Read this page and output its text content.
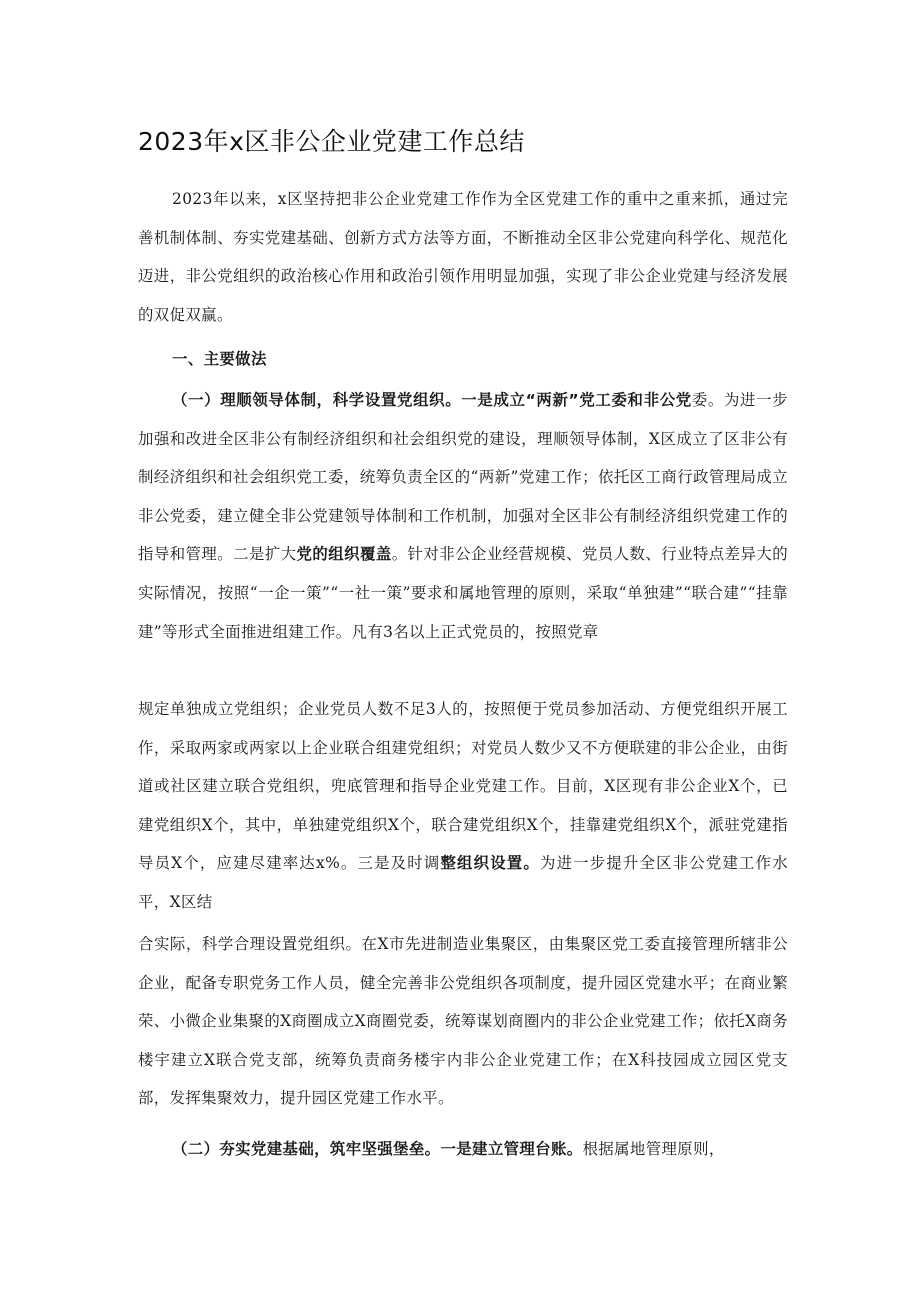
2023年x区非公企业党建工作总结

2023年以来，x区坚持把非公企业党建工作作为全区党建工作的重中之重来抓，通过完善机制体制、夯实党建基础、创新方式方法等方面，不断推动全区非公党建向科学化、规范化迈进，非公党组织的政治核心作用和政治引领作用明显加强，实现了非公企业党建与经济发展的双促双赢。

一、主要做法

（一）理顺领导体制，科学设置党组织。一是成立“两新”党工委和非公党委。为进一步加强和改进全区非公有制经济组织和社会组织党的建设，理顺领导体制，X区成立了区非公有制经济组织和社会组织党工委，统筹负责全区的“两新”党建工作；依托区工商行政管理局成立非公党委，建立健全非公党建领导体制和工作机制，加强对全区非公有制经济组织党建工作的指导和管理。二是扩大党的组织覆盖。针对非公企业经营规模、党员人数、行业特点差异大的实际情况，按照“一企一策”“一社一策”要求和属地管理的原则，采取“单独建”“联合建”“挂靠建”等形式全面推进组建工作。凡有3名以上正式党员的，按照党章

规定单独成立党组织；企业党员人数不足3人的，按照便于党员参加活动、方便党组织开展工作，采取两家或两家以上企业联合组建党组织；对党员人数少又不方便联建的非公企业，由街道或社区建立联合党组织，兜底管理和指导企业党建工作。目前，X区现有非公企业X个，已建党组织X个，其中，单独建党组织X个，联合建党组织X个，挂靠建党组织X个，派驻党建指导员X个，应建尽建率达x%。三是及时调整组织设置。为进一步提升全区非公党建工作水平，X区结

合实际，科学合理设置党组织。在X市先进制造业集聚区，由集聚区党工委直接管理所辖非公企业，配备专职党务工作人员，健全完善非公党组织各项制度，提升园区党建水平；在商业繁荣、小微企业集聚的X商圈成立X商圈党委，统筹谋划商圈内的非公企业党建工作；依托X商务楼宇建立X联合党支部，统筹负责商务楼宇内非公企业党建工作；在X科技园成立园区党支部，发挥集聚效力，提升园区党建工作水平。

（二）夯实党建基础，筑牢坚强堡垒。一是建立管理台账。根据属地管理原则，
